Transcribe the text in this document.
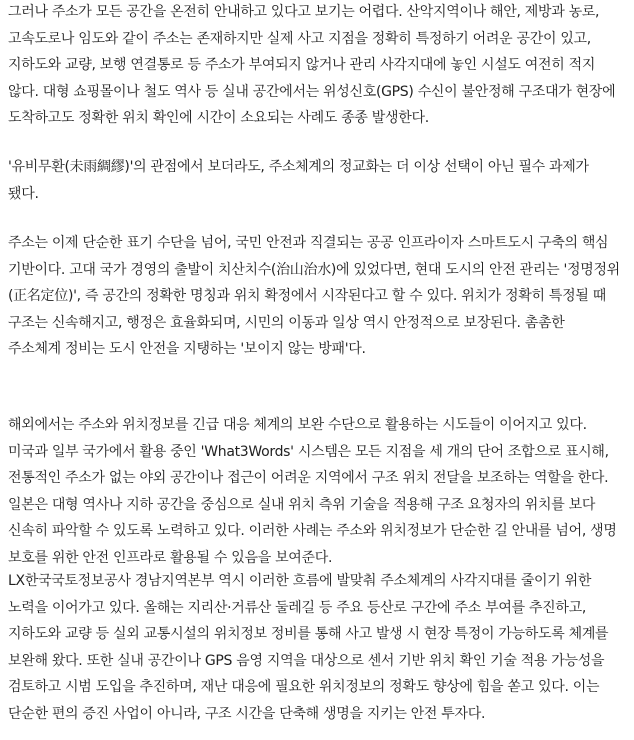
그러나 주소가 모든 공간을 온전히 안내하고 있다고 보기는 어렵다. 산악지역이나 해안, 제방과 농로, 고속도로나 임도와 같이 주소는 존재하지만 실제 사고 지점을 정확히 특정하기 어려운 공간이 있고, 지하도와 교량, 보행 연결통로 등 주소가 부여되지 않거나 관리 사각지대에 놓인 시설도 여전히 적지 않다. 대형 쇼핑몰이나 철도 역사 등 실내 공간에서는 위성신호(GPS) 수신이 불안정해 구조대가 현장에 도착하고도 정확한 위치 확인에 시간이 소요되는 사례도 종종 발생한다.

'유비무환(未雨綢繆)'의 관점에서 보더라도, 주소체계의 정교화는 더 이상 선택이 아닌 필수 과제가 됐다.

주소는 이제 단순한 표기 수단을 넘어, 국민 안전과 직결되는 공공 인프라이자 스마트도시 구축의 핵심 기반이다. 고대 국가 경영의 출발이 치산치수(治山治水)에 있었다면, 현대 도시의 안전 관리는 '정명정위(正名定位)', 즉 공간의 정확한 명칭과 위치 확정에서 시작된다고 할 수 있다. 위치가 정확히 특정될 때 구조는 신속해지고, 행정은 효율화되며, 시민의 이동과 일상 역시 안정적으로 보장된다. 촘촘한 주소체계 정비는 도시 안전을 지탱하는 '보이지 않는 방패'다.

해외에서는 주소와 위치정보를 긴급 대응 체계의 보완 수단으로 활용하는 시도들이 이어지고 있다. 미국과 일부 국가에서 활용 중인 'What3Words' 시스템은 모든 지점을 세 개의 단어 조합으로 표시해, 전통적인 주소가 없는 야외 공간이나 접근이 어려운 지역에서 구조 위치 전달을 보조하는 역할을 한다. 일본은 대형 역사나 지하 공간을 중심으로 실내 위치 측위 기술을 적용해 구조 요청자의 위치를 보다 신속히 파악할 수 있도록 노력하고 있다. 이러한 사례는 주소와 위치정보가 단순한 길 안내를 넘어, 생명 보호를 위한 안전 인프라로 활용될 수 있음을 보여준다.

LX한국국토정보공사 경남지역본부 역시 이러한 흐름에 발맞춰 주소체계의 사각지대를 줄이기 위한 노력을 이어가고 있다. 올해는 지리산·거류산 둘레길 등 주요 등산로 구간에 주소 부여를 추진하고, 지하도와 교량 등 실외 교통시설의 위치정보 정비를 통해 사고 발생 시 현장 특정이 가능하도록 체계를 보완해 왔다. 또한 실내 공간이나 GPS 음영 지역을 대상으로 센서 기반 위치 확인 기술 적용 가능성을 검토하고 시범 도입을 추진하며, 재난 대응에 필요한 위치정보의 정확도 향상에 힘을 쏟고 있다. 이는 단순한 편의 증진 사업이 아니라, 구조 시간을 단축해 생명을 지키는 안전 투자다.
